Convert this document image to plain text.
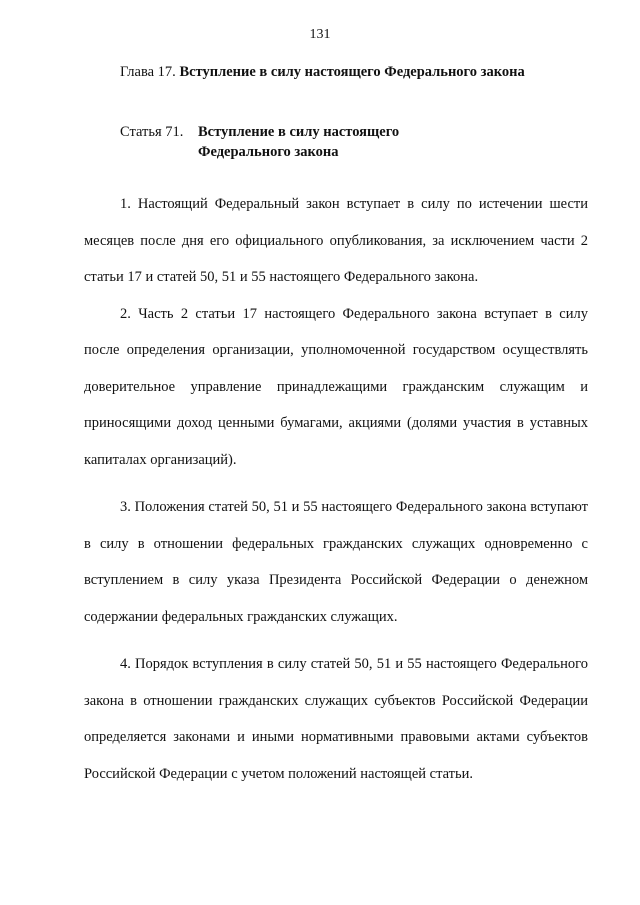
131
Глава 17. Вступление в силу настоящего Федерального закона
Статья 71. Вступление в силу настоящего
Федерального закона

1. Настоящий Федеральный закон вступает в силу по истечении шести месяцев после дня его официального опубликования, за исключением части 2 статьи 17 и статей 50, 51 и 55 настоящего Федерального закона.

2. Часть 2 статьи 17 настоящего Федерального закона вступает в силу после определения организации, уполномоченной государством осуществлять доверительное управление принадлежащими гражданским служащим и приносящими доход ценными бумагами, акциями (долями участия в уставных капиталах организаций).

3. Положения статей 50, 51 и 55 настоящего Федерального закона вступают в силу в отношении федеральных гражданских служащих одновременно с вступлением в силу указа Президента Российской Федерации о денежном содержании федеральных гражданских служащих.

4. Порядок вступления в силу статей 50, 51 и 55 настоящего Федерального закона в отношении гражданских служащих субъектов Российской Федерации определяется законами и иными нормативными правовыми актами субъектов Российской Федерации с учетом положений настоящей статьи.
